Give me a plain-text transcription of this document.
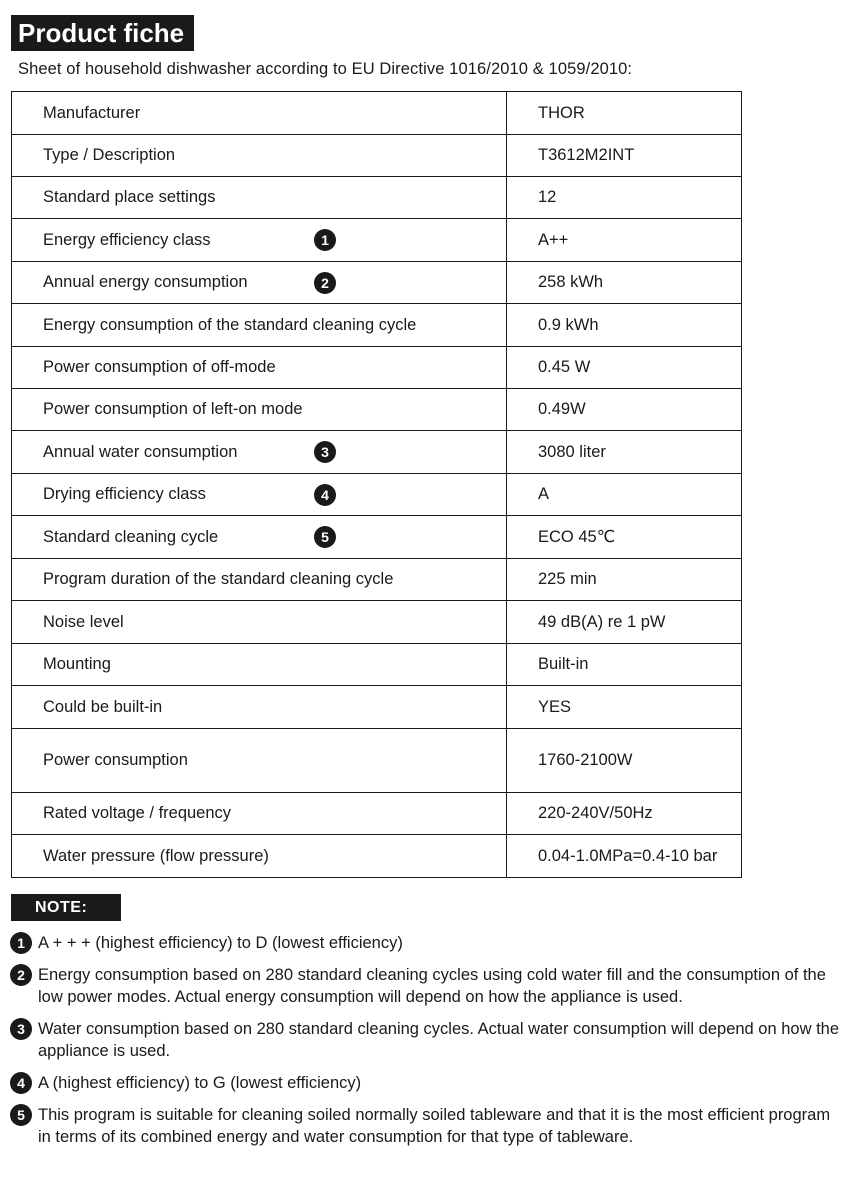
Product fiche
Sheet of household dishwasher according to EU Directive 1016/2010 & 1059/2010:
Manufacturer	THOR
Type / Description	T3612M2INT
Standard place settings	12
Energy efficiency class 1	A++
Annual energy consumption 2	258 kWh
Energy consumption of the standard cleaning cycle	0.9 kWh
Power consumption of off-mode	0.45 W
Power consumption of left-on mode	0.49W
Annual water consumption 3	3080 liter
Drying efficiency class 4	A
Standard cleaning cycle 5	ECO 45℃
Program duration of the standard cleaning cycle	225 min
Noise level	49 dB(A) re 1 pW
Mounting	Built-in
Could be built-in	YES
Power consumption	1760-2100W
Rated voltage / frequency	220-240V/50Hz
Water pressure (flow pressure)	0.04-1.0MPa=0.4-10 bar
NOTE:
1 A + + + (highest efficiency) to D (lowest efficiency)
2 Energy consumption based on 280 standard cleaning cycles using cold water fill and the consumption of the low power modes. Actual energy consumption will depend on how the appliance is used.
3 Water consumption based on 280 standard cleaning cycles. Actual water consumption will depend on how the appliance is used.
4 A (highest efficiency) to G (lowest efficiency)
5 This program is suitable for cleaning soiled normally soiled tableware and that it is the most efficient program in terms of its combined energy and water consumption for that type of tableware.
